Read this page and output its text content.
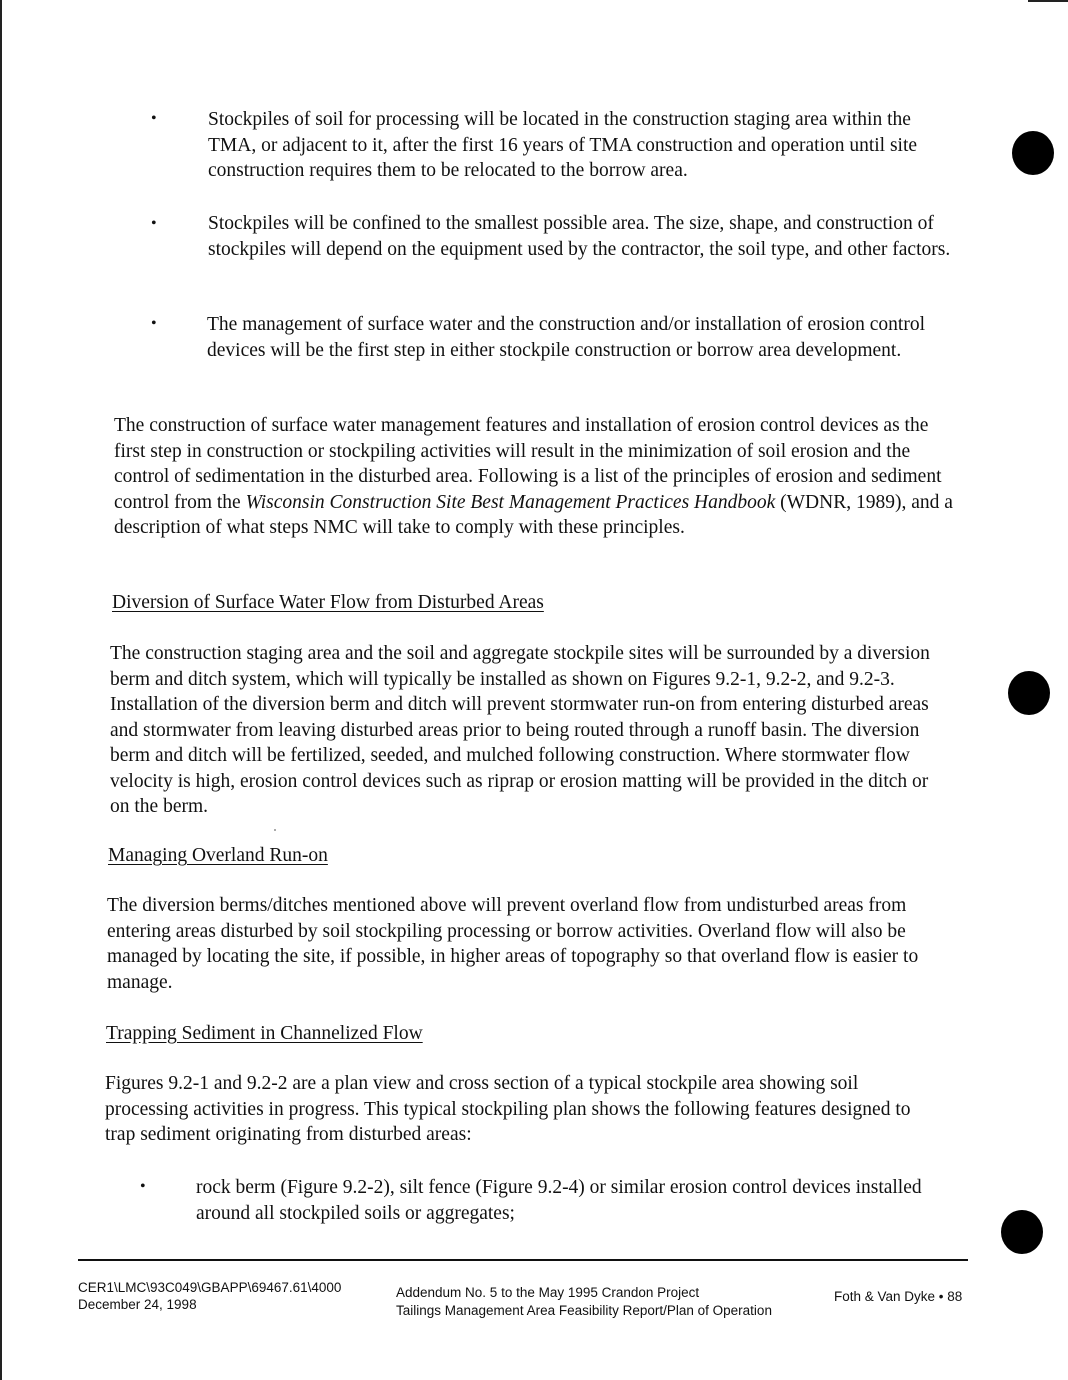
•	Stockpiles of soil for processing will be located in the construction staging area within the TMA, or adjacent to it, after the first 16 years of TMA construction and operation until site construction requires them to be relocated to the borrow area.

•	Stockpiles will be confined to the smallest possible area. The size, shape, and construction of stockpiles will depend on the equipment used by the contractor, the soil type, and other factors.

•	The management of surface water and the construction and/or installation of erosion control devices will be the first step in either stockpile construction or borrow area development.

The construction of surface water management features and installation of erosion control devices as the first step in construction or stockpiling activities will result in the minimization of soil erosion and the control of sedimentation in the disturbed area. Following is a list of the principles of erosion and sediment control from the Wisconsin Construction Site Best Management Practices Handbook (WDNR, 1989), and a description of what steps NMC will take to comply with these principles.

Diversion of Surface Water Flow from Disturbed Areas

The construction staging area and the soil and aggregate stockpile sites will be surrounded by a diversion berm and ditch system, which will typically be installed as shown on Figures 9.2-1, 9.2-2, and 9.2-3. Installation of the diversion berm and ditch will prevent stormwater run-on from entering disturbed areas and stormwater from leaving disturbed areas prior to being routed through a runoff basin. The diversion berm and ditch will be fertilized, seeded, and mulched following construction. Where stormwater flow velocity is high, erosion control devices such as riprap or erosion matting will be provided in the ditch or on the berm.

Managing Overland Run-on

The diversion berms/ditches mentioned above will prevent overland flow from undisturbed areas from entering areas disturbed by soil stockpiling processing or borrow activities. Overland flow will also be managed by locating the site, if possible, in higher areas of topography so that overland flow is easier to manage.

Trapping Sediment in Channelized Flow

Figures 9.2-1 and 9.2-2 are a plan view and cross section of a typical stockpile area showing soil processing activities in progress. This typical stockpiling plan shows the following features designed to trap sediment originating from disturbed areas:

•	rock berm (Figure 9.2-2), silt fence (Figure 9.2-4) or similar erosion control devices installed around all stockpiled soils or aggregates;

CER1\LMC\93C049\GBAPP\69467.61\4000
December 24, 1998
Addendum No. 5 to the May 1995 Crandon Project
Tailings Management Area Feasibility Report/Plan of Operation
Foth & Van Dyke • 88
